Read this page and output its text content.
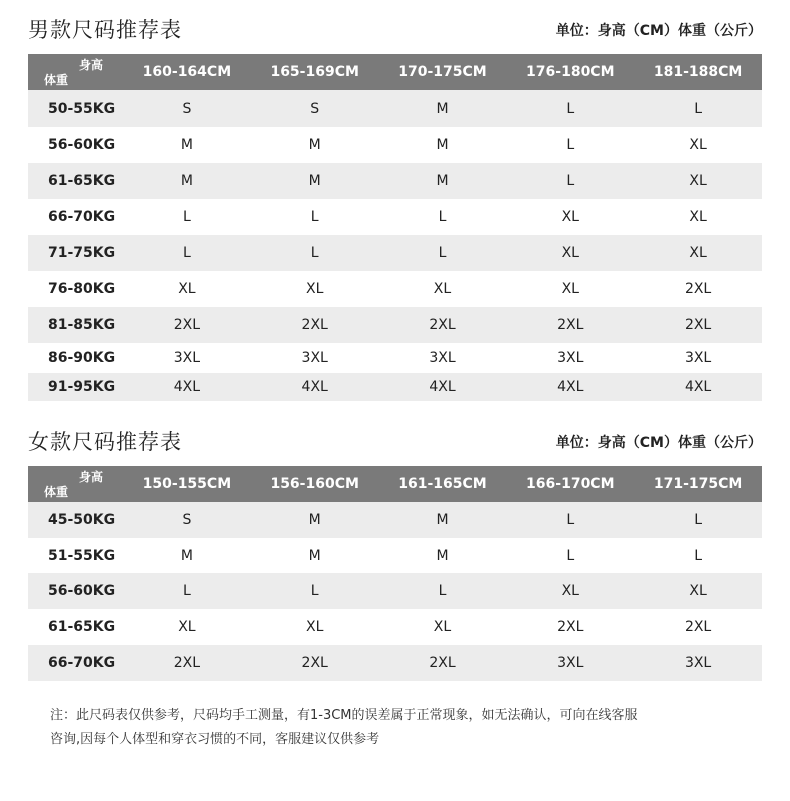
男款尺码推荐表	单位：身高（CM）体重（公斤）
身高
体重	160-164CM	165-169CM	170-175CM	176-180CM	181-188CM
50-55KG	S	S	M	L	L
56-60KG	M	M	M	L	XL
61-65KG	M	M	M	L	XL
66-70KG	L	L	L	XL	XL
71-75KG	L	L	L	XL	XL
76-80KG	XL	XL	XL	XL	2XL
81-85KG	2XL	2XL	2XL	2XL	2XL
86-90KG	3XL	3XL	3XL	3XL	3XL
91-95KG	4XL	4XL	4XL	4XL	4XL
女款尺码推荐表	单位：身高（CM）体重（公斤）
身高
体重	150-155CM	156-160CM	161-165CM	166-170CM	171-175CM
45-50KG	S	M	M	L	L
51-55KG	M	M	M	L	L
56-60KG	L	L	L	XL	XL
61-65KG	XL	XL	XL	2XL	2XL
66-70KG	2XL	2XL	2XL	3XL	3XL
注：此尺码表仅供参考，尺码均手工测量，有1-3CM的误差属于正常现象，如无法确认，可向在线客服
咨询,因每个人体型和穿衣习惯的不同，客服建议仅供参考
